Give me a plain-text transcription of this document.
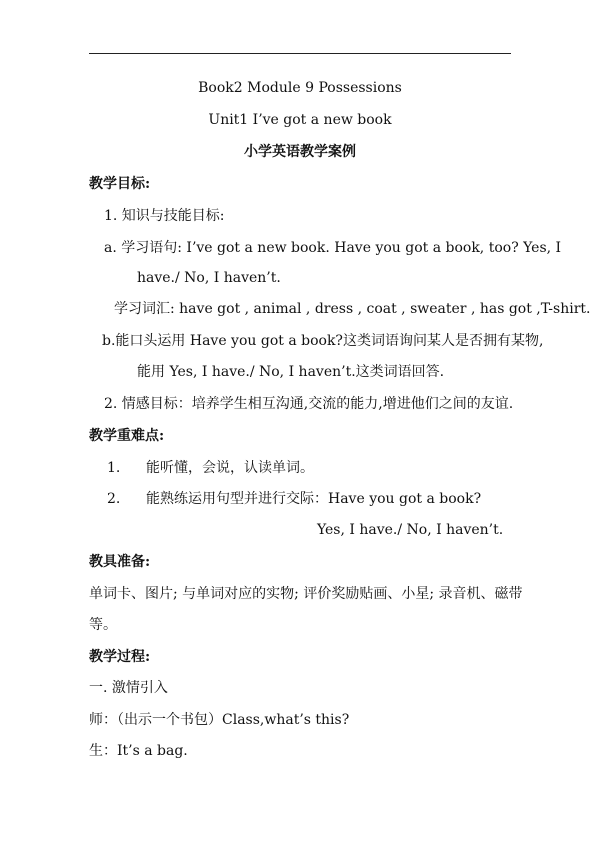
Book2 Module 9 Possessions
Unit1 I’ve got a new book
小学英语教学案例
教学目标:
1. 知识与技能目标:
a. 学习语句: I’ve got a new book. Have you got a book, too? Yes, I
have./ No, I haven’t.
学习词汇: have got , animal , dress , coat , sweater , has got ,T-shirt.
b.能口头运用 Have you got a book?这类词语询问某人是否拥有某物,
能用 Yes, I have./ No, I haven’t.这类词语回答.
2. 情感目标：培养学生相互沟通,交流的能力,增进他们之间的友谊.
教学重难点:
1. 能听懂，会说，认读单词。
2. 能熟练运用句型并进行交际：Have you got a book?
Yes, I have./ No, I haven’t.
教具准备:
单词卡、图片; 与单词对应的实物; 评价奖励贴画、小星; 录音机、磁带
等。
教学过程:
一. 激情引入
师：（出示一个书包）Class,what’s this?
生：It’s a bag.
